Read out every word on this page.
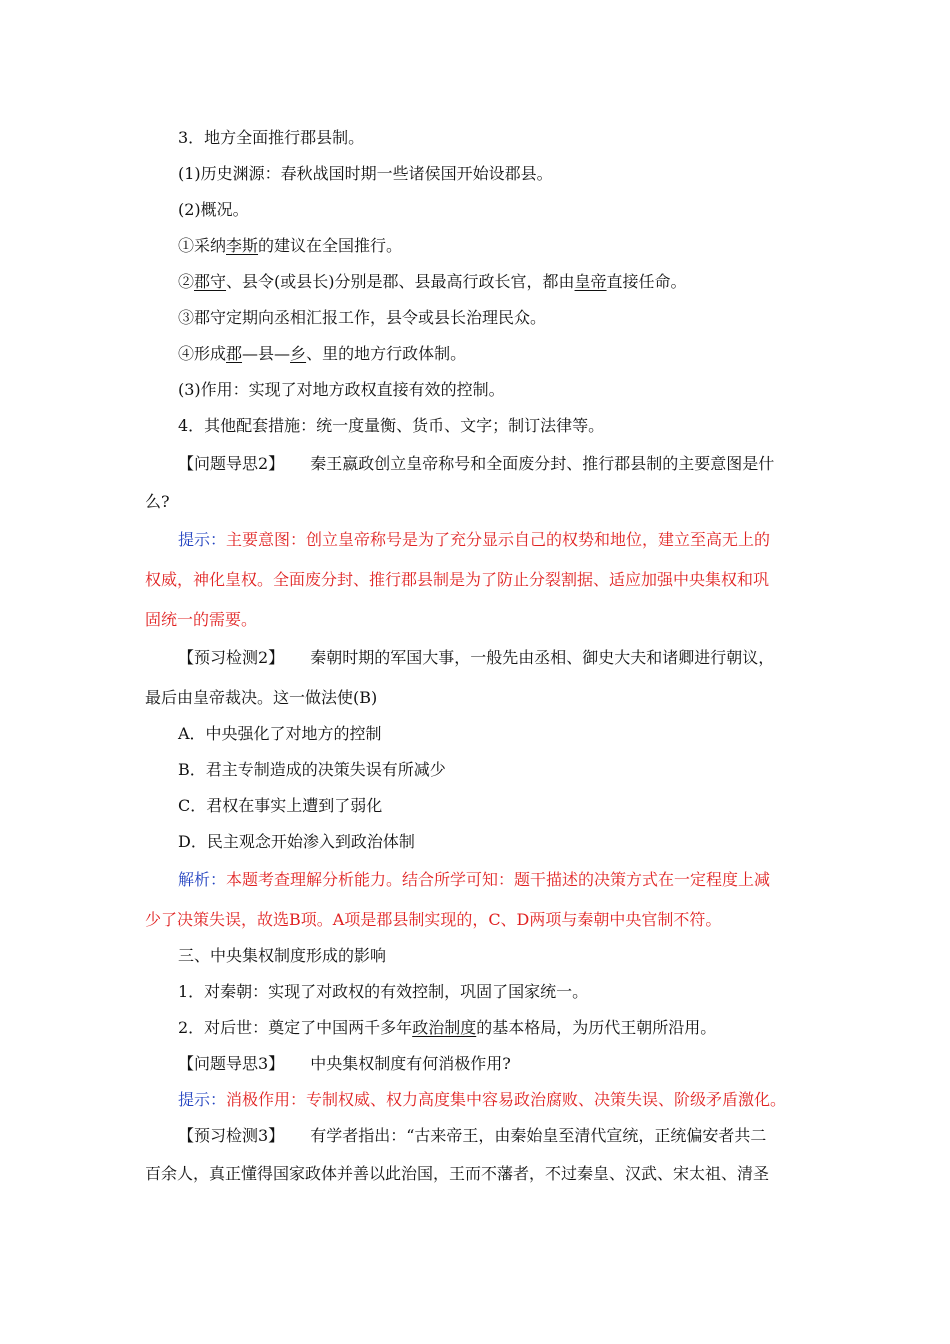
3．地方全面推行郡县制。
(1)历史渊源：春秋战国时期一些诸侯国开始设郡县。
(2)概况。
①采纳李斯的建议在全国推行。
②郡守、县令(或县长)分别是郡、县最高行政长官，都由皇帝直接任命。
③郡守定期向丞相汇报工作，县令或县长治理民众。
④形成郡—县—乡、里的地方行政体制。
(3)作用：实现了对地方政权直接有效的控制。
4．其他配套措施：统一度量衡、货币、文字；制订法律等。
【问题导思2】 秦王嬴政创立皇帝称号和全面废分封、推行郡县制的主要意图是什
么?
提示：主要意图：创立皇帝称号是为了充分显示自己的权势和地位，建立至高无上的
权威，神化皇权。全面废分封、推行郡县制是为了防止分裂割据、适应加强中央集权和巩
固统一的需要。
【预习检测2】 秦朝时期的军国大事，一般先由丞相、御史大夫和诸卿进行朝议，
最后由皇帝裁决。这一做法使(B)
A．中央强化了对地方的控制
B．君主专制造成的决策失误有所减少
C．君权在事实上遭到了弱化
D．民主观念开始渗入到政治体制
解析：本题考查理解分析能力。结合所学可知：题干描述的决策方式在一定程度上减
少了决策失误，故选B项。A项是郡县制实现的，C、D两项与秦朝中央官制不符。
三、中央集权制度形成的影响
1．对秦朝：实现了对政权的有效控制，巩固了国家统一。
2．对后世：奠定了中国两千多年政治制度的基本格局，为历代王朝所沿用。
【问题导思3】 中央集权制度有何消极作用?
提示：消极作用：专制权威、权力高度集中容易政治腐败、决策失误、阶级矛盾激化。
【预习检测3】 有学者指出：“古来帝王，由秦始皇至清代宣统，正统偏安者共二
百余人，真正懂得国家政体并善以此治国，王而不藩者，不过秦皇、汉武、宋太祖、清圣
